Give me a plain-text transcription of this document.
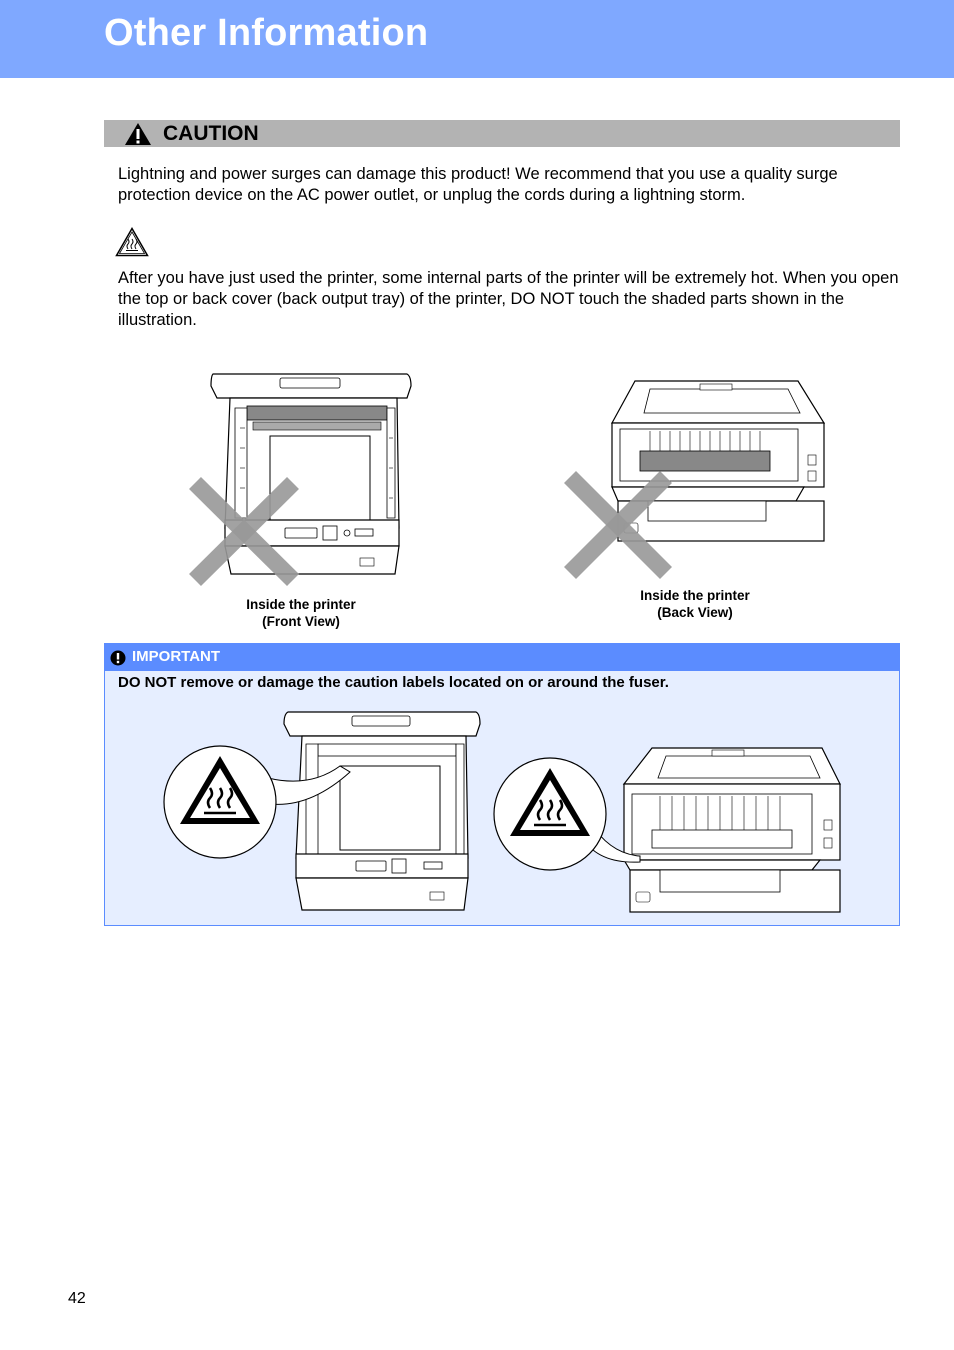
Other Information
CAUTION
Lightning and power surges can damage this product! We recommend that you use a quality surge protection device on the AC power outlet, or unplug the cords during a lightning storm.
After you have just used the printer, some internal parts of the printer will be extremely hot. When you open the top or back cover (back output tray) of the printer, DO NOT touch the shaded parts shown in the illustration.
Inside the printer
(Front View)
Inside the printer
(Back View)
IMPORTANT
DO NOT remove or damage the caution labels located on or around the fuser.
42
